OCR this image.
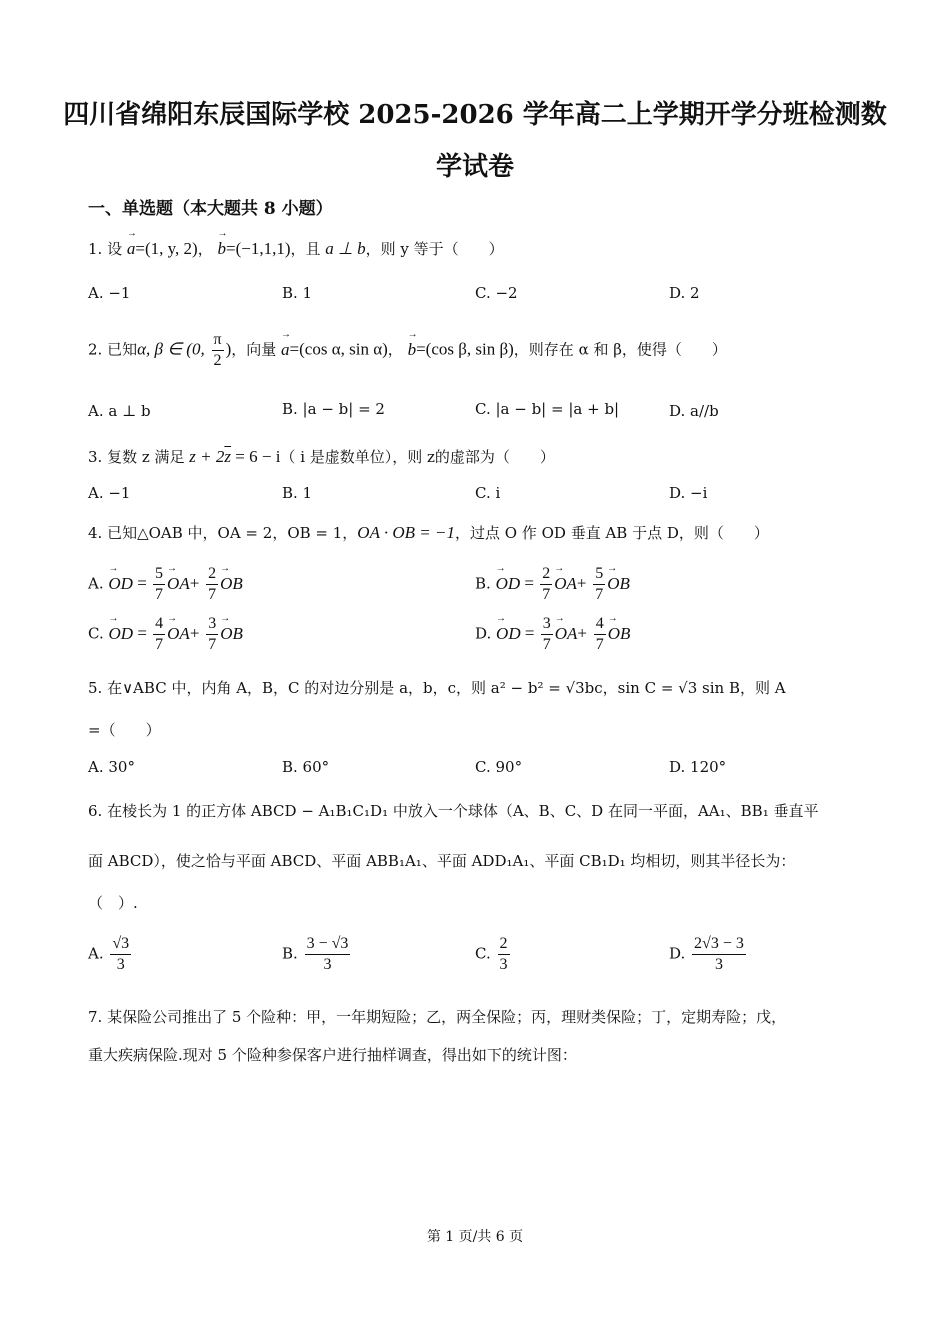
四川省绵阳东辰国际学校 2025-2026 学年高二上学期开学分班检测数
学试卷
一、单选题（本大题共 8 小题）
1. 设 → a=(1, y, 2)， → b=(−1,1,1)，且 a ⊥ b，则 y 等于（　　）
A. −1	B. 1	C. −2	D. 2
2. 已知α, β ∈ (0, $\frac{\pi}{2}$ )，向量 → a=(cos α, sin α)， → b=(cos β, sin β)，则存在 α 和 β，使得（　　）
A. a ⊥ b	B. |a − b| = 2	C. |a − b| = |a + b|	D. a//b
3. 复数 z 满足 $z + 2\overline{z} = 6 - i$（ i 是虚数单位），则 z的虚部为（　　）
A. −1	B. 1	C. i	D. −i
4. 已知△OAB 中，OA = 2，OB = 1，OA · OB = −1，过点 O 作 OD 垂直 AB 于点 D，则（　　）
A. → OD = $\frac{5}{7} \to OA+ \frac{2}{7}$ → OB	B. → OD = $\frac{2}{7} \to OA+ \frac{5}{7}$ → OB
C. → OD = $\frac{4}{7} \to OA+ \frac{3}{7}$ → OB	D. → OD = $\frac{3}{7} \to OA+ \frac{4}{7}$ → OB
5. 在∨ABC 中，内角 A，B，C 的对边分别是 a，b，c，则 a² − b² = √3bc，sin C = √3 sin B，则 A
=（　　）
A. 30°	B. 60°	C. 90°	D. 120°
6. 在棱长为 1 的正方体 ABCD − A₁B₁C₁D₁ 中放入一个球体（A、B、C、D 在同一平面，AA₁、BB₁ 垂直平
面 ABCD），使之恰与平面 ABCD、平面 ABB₁A₁、平面 ADD₁A₁、平面 CB₁D₁ 均相切，则其半径长为：
（　）.
A. $\frac{√3}{3}$	B. $\frac{3 - √3}{3}$	C. $\frac{2}{3}$	D. $\frac{2√3 - 3}{3}$
7. 某保险公司推出了 5 个险种：甲，一年期短险；乙，两全保险；丙，理财类保险；丁，定期寿险；戊，
重大疾病保险.现对 5 个险种参保客户进行抽样调查，得出如下的统计图：
第 1 页/共 6 页
